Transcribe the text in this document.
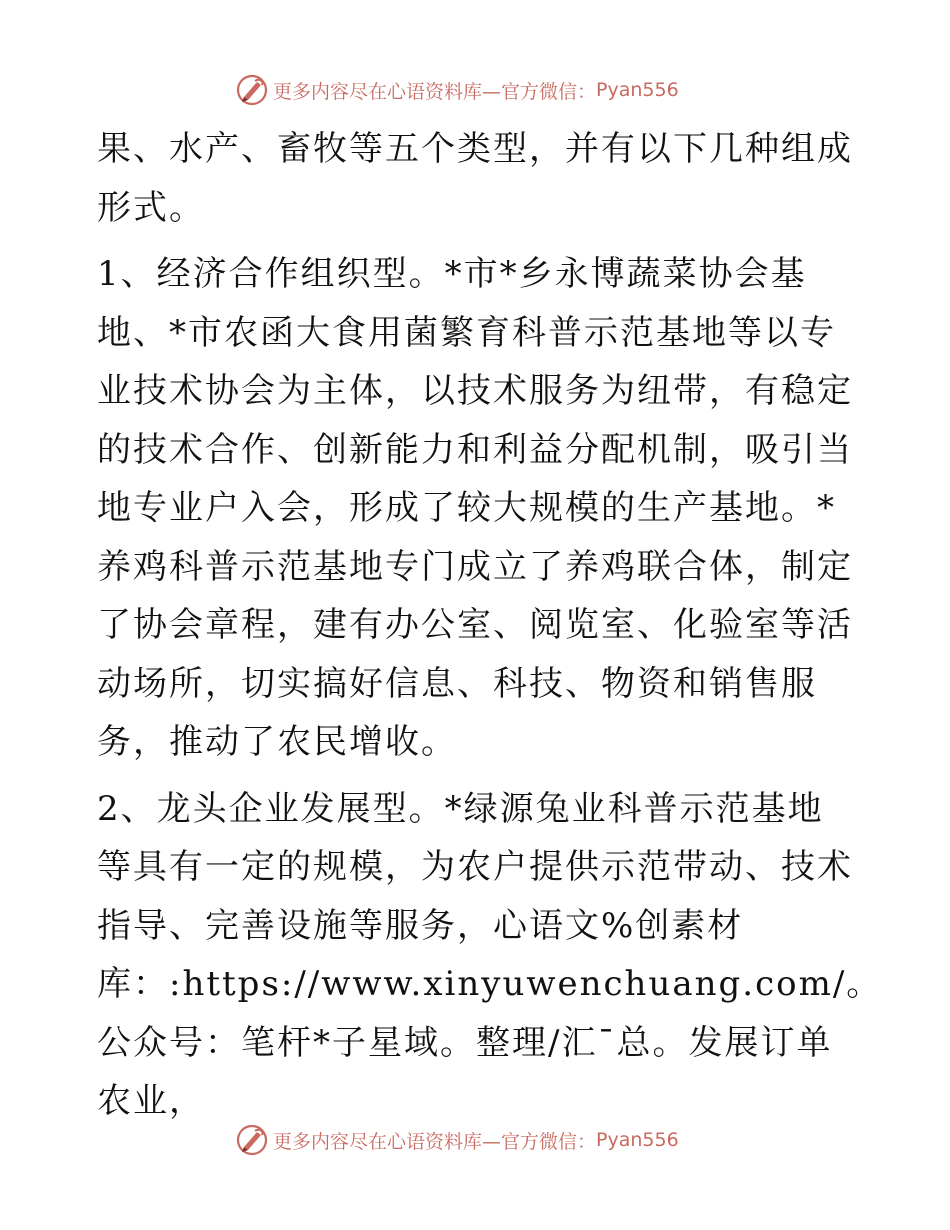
更多内容尽在心语资料库—官方微信： Pyan556

果、水产、畜牧等五个类型，并有以下几种组成形式。

1、经济合作组织型。*市*乡永博蔬菜协会基地、*市农函大食用菌繁育科普示范基地等以专业技术协会为主体，以技术服务为纽带，有稳定的技术合作、创新能力和利益分配机制，吸引当地专业户入会，形成了较大规模的生产基地。*养鸡科普示范基地专门成立了养鸡联合体，制定了协会章程，建有办公室、阅览室、化验室等活动场所，切实搞好信息、科技、物资和销售服务，推动了农民增收。

2、龙头企业发展型。*绿源兔业科普示范基地等具有一定的规模，为农户提供示范带动、技术指导、完善设施等服务，心语文%创素材库：:https://www.xinyuwenchuang.com/。公众号：笔杆*子星域。整理/汇¯总。发展订单农业，

更多内容尽在心语资料库—官方微信： Pyan556
